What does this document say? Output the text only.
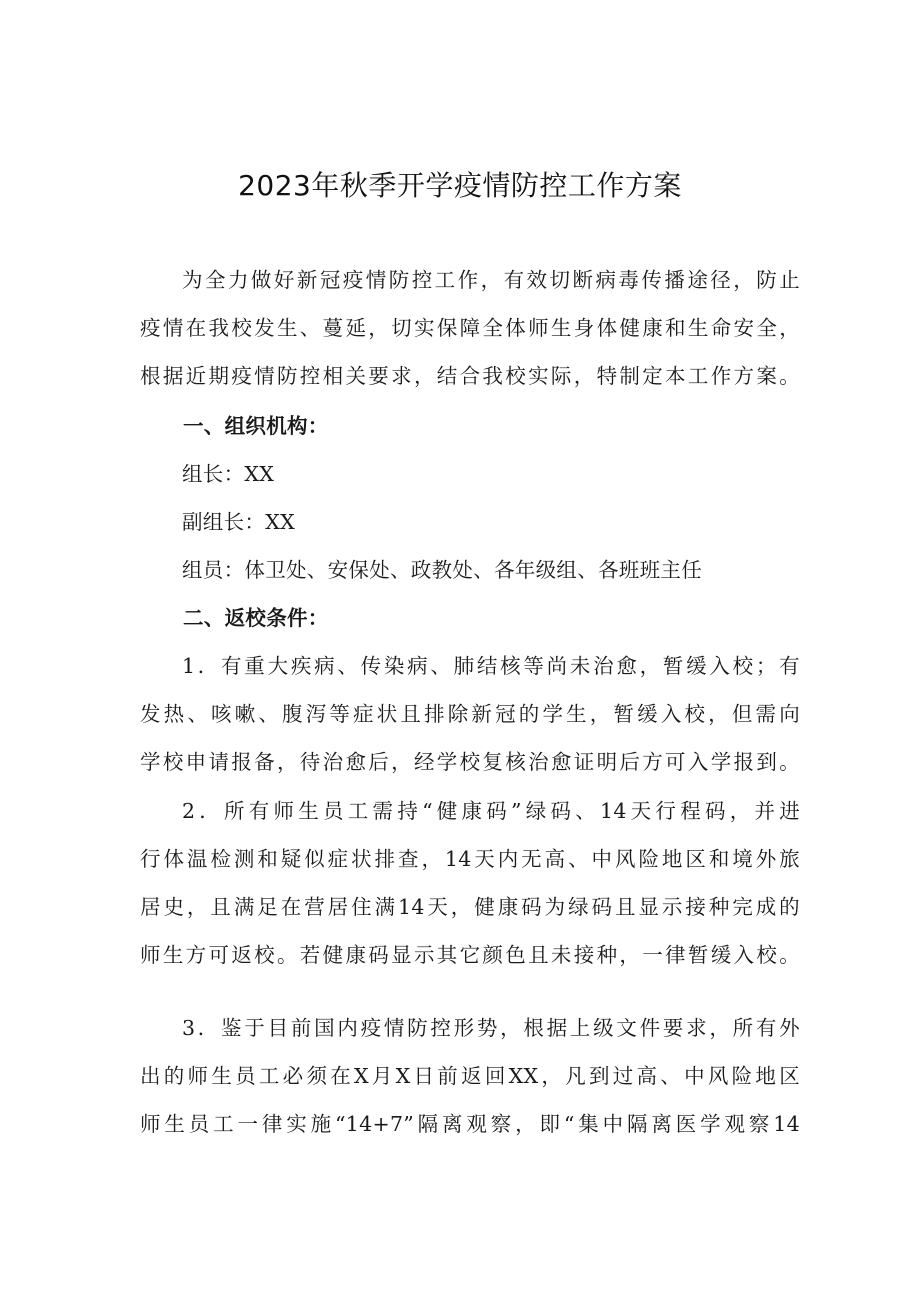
2023年秋季开学疫情防控工作方案
为全力做好新冠疫情防控工作，有效切断病毒传播途径，防止
疫情在我校发生、蔓延，切实保障全体师生身体健康和生命安全，
根据近期疫情防控相关要求，结合我校实际，特制定本工作方案。
一、组织机构：
组长：XX
副组长：XX
组员：体卫处、安保处、政教处、各年级组、各班班主任
二、返校条件：
1．有重大疾病、传染病、肺结核等尚未治愈，暂缓入校；有
发热、咳嗽、腹泻等症状且排除新冠的学生，暂缓入校，但需向
学校申请报备，待治愈后，经学校复核治愈证明后方可入学报到。
2．所有师生员工需持“健康码”绿码、14天行程码，并进
行体温检测和疑似症状排查，14天内无高、中风险地区和境外旅
居史，且满足在营居住满14天，健康码为绿码且显示接种完成的
师生方可返校。若健康码显示其它颜色且未接种，一律暂缓入校。
3．鉴于目前国内疫情防控形势，根据上级文件要求，所有外
出的师生员工必须在X月X日前返回XX，凡到过高、中风险地区
师生员工一律实施“14+7”隔离观察，即“集中隔离医学观察14
